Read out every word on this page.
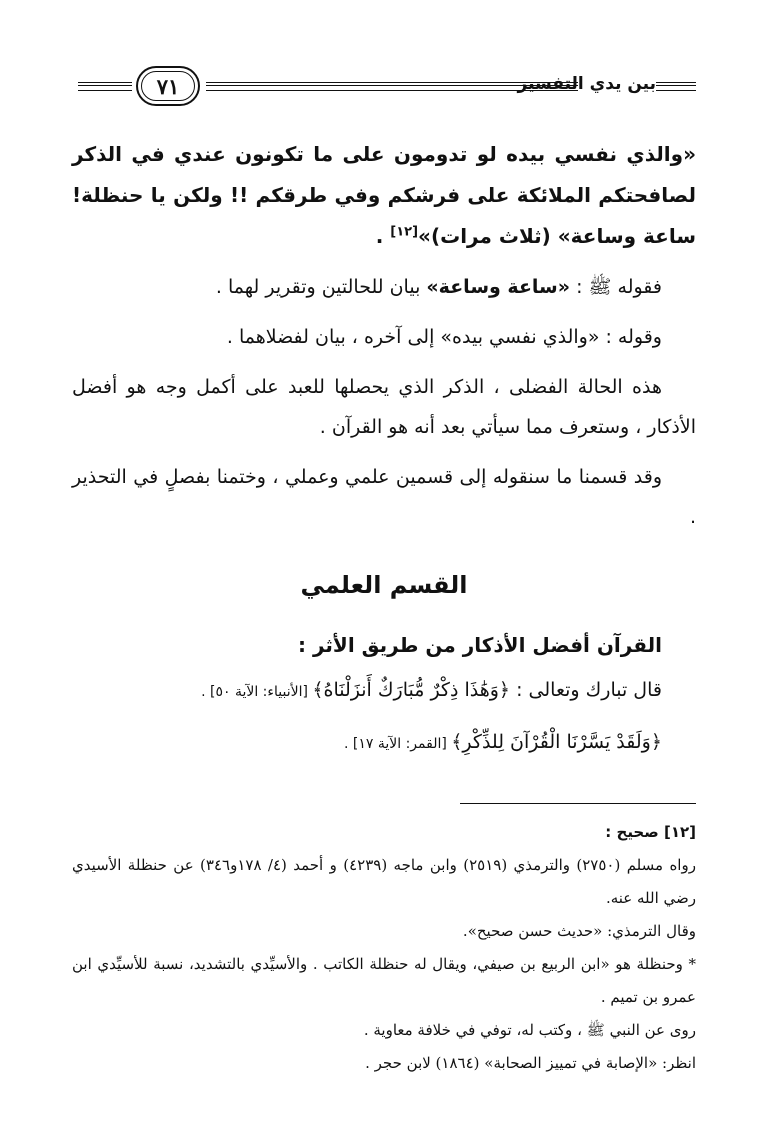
٧١	بين يدي التفسير

«والذي نفسي بيده لو تدومون على ما تكونون عندي في الذكر لصافحتكم الملائكة على فرشكم وفي طرقكم !! ولكن يا حنظلة! ساعة وساعة» (ثلاث مرات)»[١٢] .

فقوله ﷺ : «ساعة وساعة» بيان للحالتين وتقرير لهما .

وقوله : «والذي نفسي بيده» إلى آخره ، بيان لفضلاهما .

هذه الحالة الفضلى ، الذكر الذي يحصلها للعبد على أكمل وجه هو أفضل الأذكار ، وستعرف مما سيأتي بعد أنه هو القرآن .

وقد قسمنا ما سنقوله إلى قسمين علمي وعملي ، وختمنا بفصلٍ في التحذير .

القسم العلمي

القرآن أفضل الأذكار من طريق الأثر :

قال تبارك وتعالى : ﴿وَهَٰذَا ذِكْرٌ مُّبَارَكٌ أَنزَلْنَاهُ﴾ [الأنبياء: الآية ٥٠] .

﴿وَلَقَدْ يَسَّرْنَا الْقُرْآنَ لِلذِّكْرِ﴾ [القمر: الآية ١٧] .

[١٢] صحيح :

رواه مسلم (٢٧٥٠) والترمذي (٢٥١٩) وابن ماجه (٤٢٣٩) و أحمد (٤/ ١٧٨و٣٤٦) عن حنظلة الأسيدي رضي الله عنه.

وقال الترمذي: «حديث حسن صحيح».

* وحنظلة هو «ابن الربيع بن صيفي، ويقال له حنظلة الكاتب . والأسيِّدي بالتشديد، نسبة للأسيِّدي ابن عمرو بن تميم .

روى عن النبي ﷺ ، وكتب له، توفي في خلافة معاوية .

انظر: «الإصابة في تمييز الصحابة» (١٨٦٤) لابن حجر .
